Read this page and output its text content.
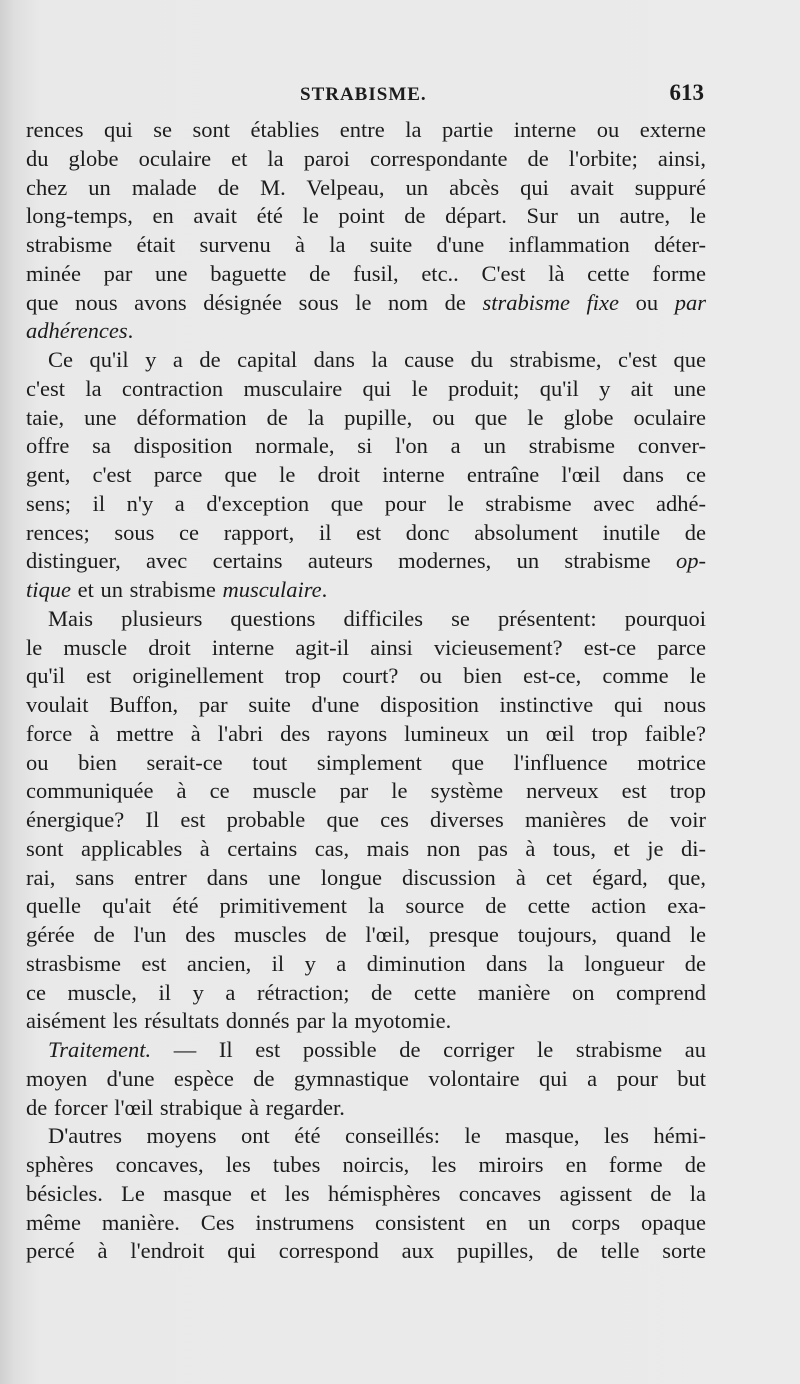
STRABISME.	613
rences qui se sont établies entre la partie interne ou externe
du globe oculaire et la paroi correspondante de l'orbite; ainsi,
chez un malade de M. Velpeau, un abcès qui avait suppuré
long-temps, en avait été le point de départ. Sur un autre, le
strabisme était survenu à la suite d'une inflammation déter-
minée par une baguette de fusil, etc.. C'est là cette forme
que nous avons désignée sous le nom de strabisme fixe ou par
adhérences.
Ce qu'il y a de capital dans la cause du strabisme, c'est que
c'est la contraction musculaire qui le produit; qu'il y ait une
taie, une déformation de la pupille, ou que le globe oculaire
offre sa disposition normale, si l'on a un strabisme conver-
gent, c'est parce que le droit interne entraîne l'œil dans ce
sens; il n'y a d'exception que pour le strabisme avec adhé-
rences; sous ce rapport, il est donc absolument inutile de
distinguer, avec certains auteurs modernes, un strabisme op-
tique et un strabisme musculaire.
Mais plusieurs questions difficiles se présentent: pourquoi
le muscle droit interne agit-il ainsi vicieusement? est-ce parce
qu'il est originellement trop court? ou bien est-ce, comme le
voulait Buffon, par suite d'une disposition instinctive qui nous
force à mettre à l'abri des rayons lumineux un œil trop faible?
ou bien serait-ce tout simplement que l'influence motrice
communiquée à ce muscle par le système nerveux est trop
énergique? Il est probable que ces diverses manières de voir
sont applicables à certains cas, mais non pas à tous, et je di-
rai, sans entrer dans une longue discussion à cet égard, que,
quelle qu'ait été primitivement la source de cette action exa-
gérée de l'un des muscles de l'œil, presque toujours, quand le
strasbisme est ancien, il y a diminution dans la longueur de
ce muscle, il y a rétraction; de cette manière on comprend
aisément les résultats donnés par la myotomie.
Traitement. — Il est possible de corriger le strabisme au
moyen d'une espèce de gymnastique volontaire qui a pour but
de forcer l'œil strabique à regarder.
D'autres moyens ont été conseillés: le masque, les hémi-
sphères concaves, les tubes noircis, les miroirs en forme de
bésicles. Le masque et les hémisphères concaves agissent de la
même manière. Ces instrumens consistent en un corps opaque
percé à l'endroit qui correspond aux pupilles, de telle sorte
